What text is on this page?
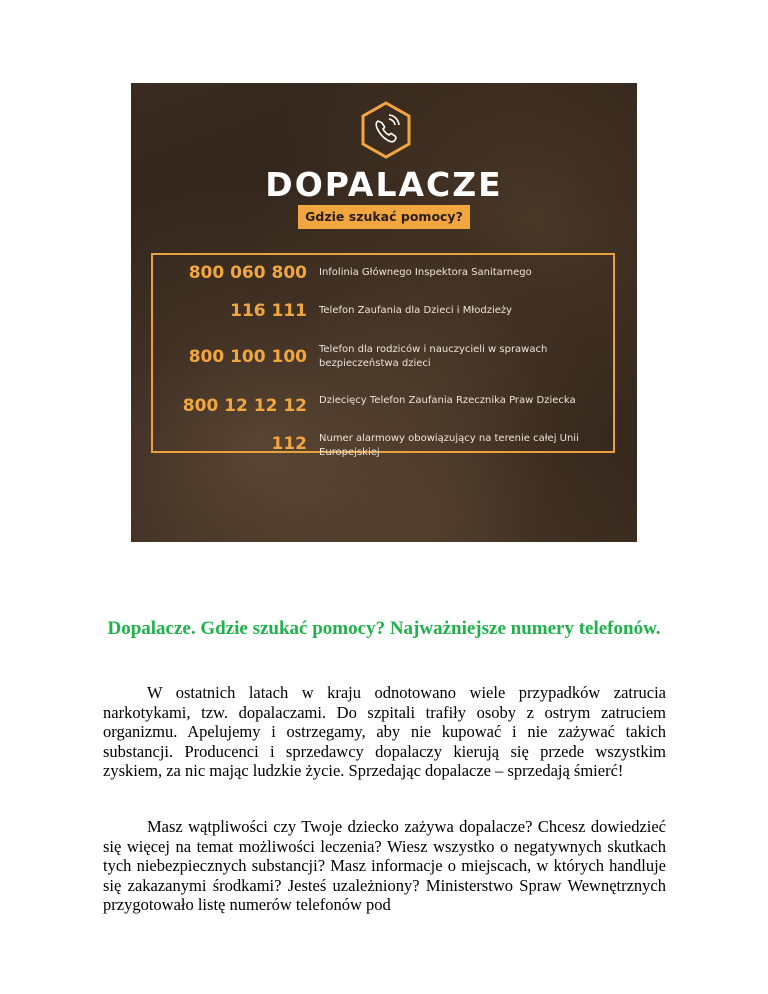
DOPALACZE
Gdzie szukać pomocy?
800 060 800 Infolinia Głównego Inspektora Sanitarnego
116 111 Telefon Zaufania dla Dzieci i Młodzieży
800 100 100 Telefon dla rodziców i nauczycieli w sprawach bezpieczeństwa dzieci
800 12 12 12 Dziecięcy Telefon Zaufania Rzecznika Praw Dziecka
112 Numer alarmowy obowiązujący na terenie całej Unii Europejskiej
Dopalacze. Gdzie szukać pomocy? Najważniejsze numery telefonów.

W ostatnich latach w kraju odnotowano wiele przypadków zatrucia narkotykami, tzw. dopalaczami. Do szpitali trafiły osoby z ostrym zatruciem organizmu. Apelujemy i ostrzegamy, aby nie kupować i nie zażywać takich substancji. Producenci i sprzedawcy dopalaczy kierują się przede wszystkim zyskiem, za nic mając ludzkie życie. Sprzedając dopalacze – sprzedają śmierć!

Masz wątpliwości czy Twoje dziecko zażywa dopalacze? Chcesz dowiedzieć się więcej na temat możliwości leczenia? Wiesz wszystko o negatywnych skutkach tych niebezpiecznych substancji? Masz informacje o miejscach, w których handluje się zakazanymi środkami? Jesteś uzależniony? Ministerstwo Spraw Wewnętrznych przygotowało listę numerów telefonów pod
